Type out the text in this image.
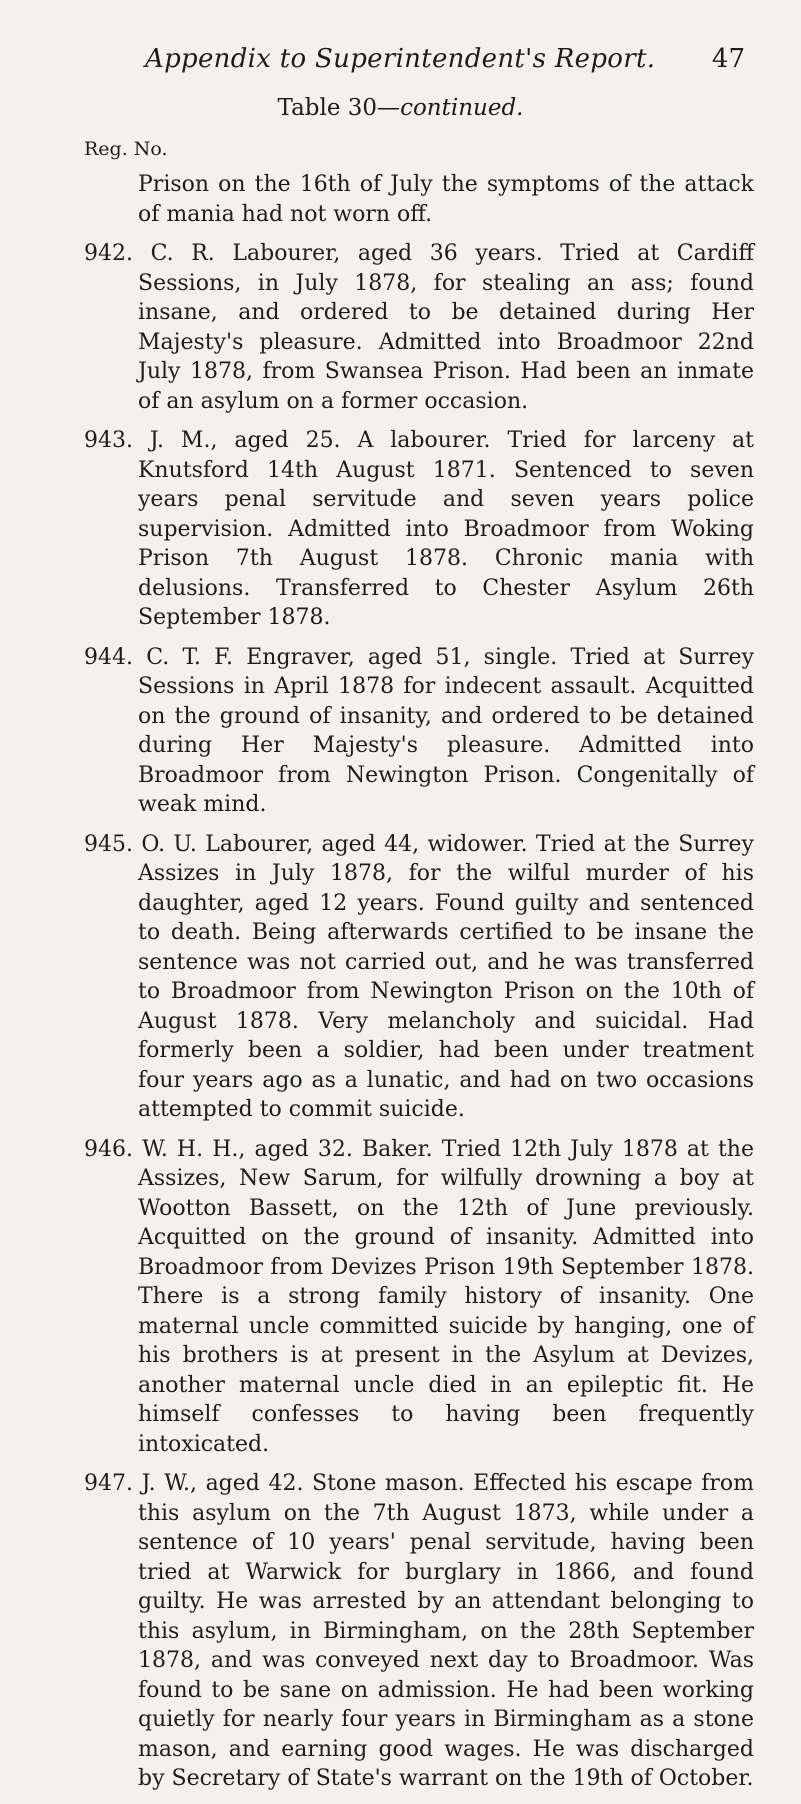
Appendix to Superintendent's Report. 47
Table 30—continued.
Reg. No.

Prison on the 16th of July the symptoms of the attack of mania had not worn off.

942. C. R. Labourer, aged 36 years. Tried at Cardiff Sessions, in July 1878, for stealing an ass; found insane, and ordered to be detained during Her Majesty's pleasure. Admitted into Broadmoor 22nd July 1878, from Swansea Prison. Had been an inmate of an asylum on a former occasion.

943. J. M., aged 25. A labourer. Tried for larceny at Knutsford 14th August 1871. Sentenced to seven years penal servitude and seven years police supervision. Admitted into Broadmoor from Woking Prison 7th August 1878. Chronic mania with delusions. Transferred to Chester Asylum 26th September 1878.

944. C. T. F. Engraver, aged 51, single. Tried at Surrey Sessions in April 1878 for indecent assault. Acquitted on the ground of insanity, and ordered to be detained during Her Majesty's pleasure. Admitted into Broadmoor from Newington Prison. Congenitally of weak mind.

945. O. U. Labourer, aged 44, widower. Tried at the Surrey Assizes in July 1878, for the wilful murder of his daughter, aged 12 years. Found guilty and sentenced to death. Being afterwards certified to be insane the sentence was not carried out, and he was transferred to Broadmoor from Newington Prison on the 10th of August 1878. Very melancholy and suicidal. Had formerly been a soldier, had been under treatment four years ago as a lunatic, and had on two occasions attempted to commit suicide.

946. W. H. H., aged 32. Baker. Tried 12th July 1878 at the Assizes, New Sarum, for wilfully drowning a boy at Wootton Bassett, on the 12th of June previously. Acquitted on the ground of insanity. Admitted into Broadmoor from Devizes Prison 19th September 1878. There is a strong family history of insanity. One maternal uncle committed suicide by hanging, one of his brothers is at present in the Asylum at Devizes, another maternal uncle died in an epileptic fit. He himself confesses to having been frequently intoxicated.

947. J. W., aged 42. Stone mason. Effected his escape from this asylum on the 7th August 1873, while under a sentence of 10 years' penal servitude, having been tried at Warwick for burglary in 1866, and found guilty. He was arrested by an attendant belonging to this asylum, in Birmingham, on the 28th September 1878, and was conveyed next day to Broadmoor. Was found to be sane on admission. He had been working quietly for nearly four years in Birmingham as a stone mason, and earning good wages. He was discharged by Secretary of State's warrant on the 19th of October.
